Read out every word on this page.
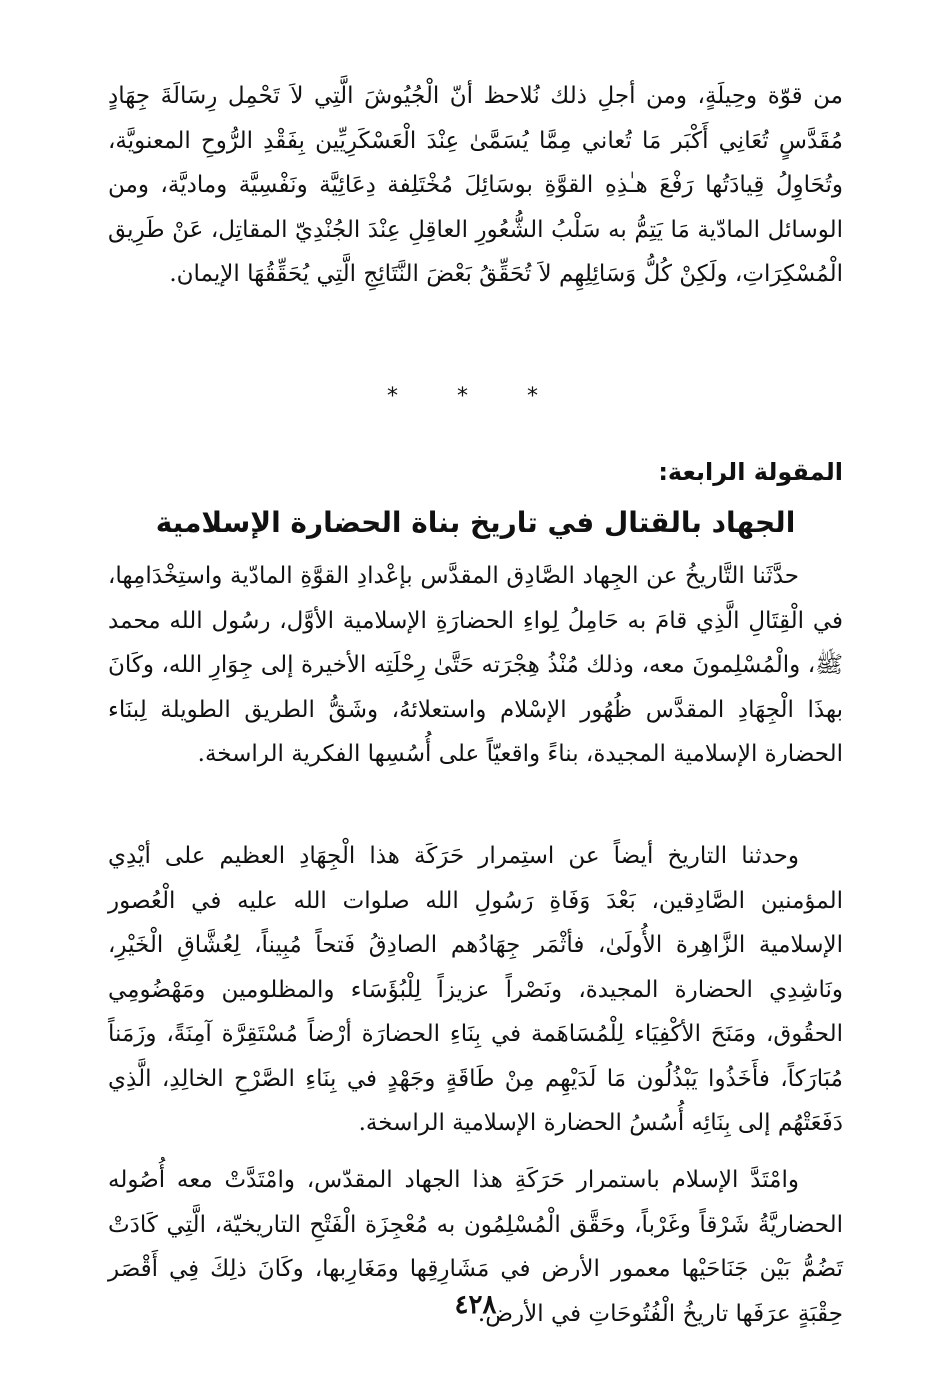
من قوّة وحِيلَةٍ، ومن أجلِ ذلك نُلاحظ أنّ الْجُيُوشَ الَّتِي لاَ تَحْمِل رِسَالَةَ جِهَادٍ مُقَدَّسٍ تُعَانِي أَكْبَر مَا تُعاني مِمَّا يُسَمَّىٰ عِنْدَ الْعَسْكَرِيِّين بِفَقْدِ الرُّوحِ المعنويَّة، وتُحَاوِلُ قِيادَتُها رَفْعَ هـٰذِهِ القوَّةِ بوسَائِلَ مُخْتَلِفة دِعَائِيَّة ونَفْسِيَّة وماديَّة، ومن الوسائل المادّية مَا يَتِمُّ به سَلْبُ الشُّعُورِ العاقِلِ عِنْدَ الجُنْدِيّ المقاتِل، عَنْ طَرِيق الْمُسْكِرَاتِ، ولَكِنْ كُلُّ وَسَائِلِهِم لاَ تُحَقِّقُ بَعْضَ النَّتَائِجِ الَّتِي يُحَقِّقُهَا الإيمان.

* * *
المقولة الرابعة:
الجهاد بالقتال في تاريخ بناة الحضارة الإسلامية

حدَّثَنا التَّاريخُ عن الجِهاد الصَّادِق المقدَّس بإعْدادِ القوَّةِ المادّية واستِخْدَامِها، في الْقِتَالِ الَّذِي قامَ به حَامِلُ لِواءِ الحضارَةِ الإسلامية الأوَّل، رسُول الله محمد ﷺ، والْمُسْلِمونَ معه، وذلك مُنْذُ هِجْرَته حَتَّىٰ رِحْلَتِه الأخيرة إلى جِوَارِ الله، وكَانَ بهذَا الْجِهَادِ المقدَّس ظُهُور الإسْلام واستعلائهُ، وشَقُّ الطريق الطويلة لِبنَاء الحضارة الإسلامية المجيدة، بناءً واقعيّاً على أُسُسِها الفكرية الراسخة.

وحدثنا التاريخ أيضاً عن استِمرار حَرَكَة هذا الْجِهَادِ العظيم على أيْدِي المؤمنين الصَّادِقين، بَعْدَ وَفَاةِ رَسُولِ الله صلوات الله عليه في الْعُصور الإسلامية الزَّاهِرة الأُولَىٰ، فأثْمَر جِهَادُهم الصادِقُ فَتحاً مُبِيناً، لِعُشَّاقِ الْخَيْرِ، ونَاشِدِي الحضارة المجيدة، ونَصْراً عزيزاً لِلْبُؤَسَاء والمظلومين ومَهْضُومِي الحقُوق، ومَنَحَ الأكْفِيَاء لِلْمُسَاهَمة في بِنَاءِ الحضارَة أرْضاً مُسْتَقِرَّة آمِنَةً، وزَمَناً مُبَارَكاً، فأَخَذُوا يَبْذُلُون مَا لَدَيْهِم مِنْ طَاقَةٍ وجَهْدٍ في بِنَاءِ الصَّرْحِ الخالِدِ، الَّذِي دَفَعَتْهُم إلى بِنَائِه أُسُسُ الحضارة الإسلامية الراسخة.

وامْتَدَّ الإسلام باستمرار حَرَكَةِ هذا الجهاد المقدّس، وامْتَدَّتْ معه أُصُوله الحضاريَّةُ شَرْقاً وغَرْباً، وحَقَّق الْمُسْلِمُون به مُعْجِزَة الْفَتْحِ التاريخيّة، الَّتِي كَادَتْ تَضُمُّ بَيْن جَنَاحَيْها معمور الأرض في مَشَارِقِها ومَغَارِبها، وكَانَ ذلِكَ فِي أَقْصَر حِقْبَةٍ عرَفَها تاريخُ الْفُتُوحَاتِ في الأرض.

٤٢٨
